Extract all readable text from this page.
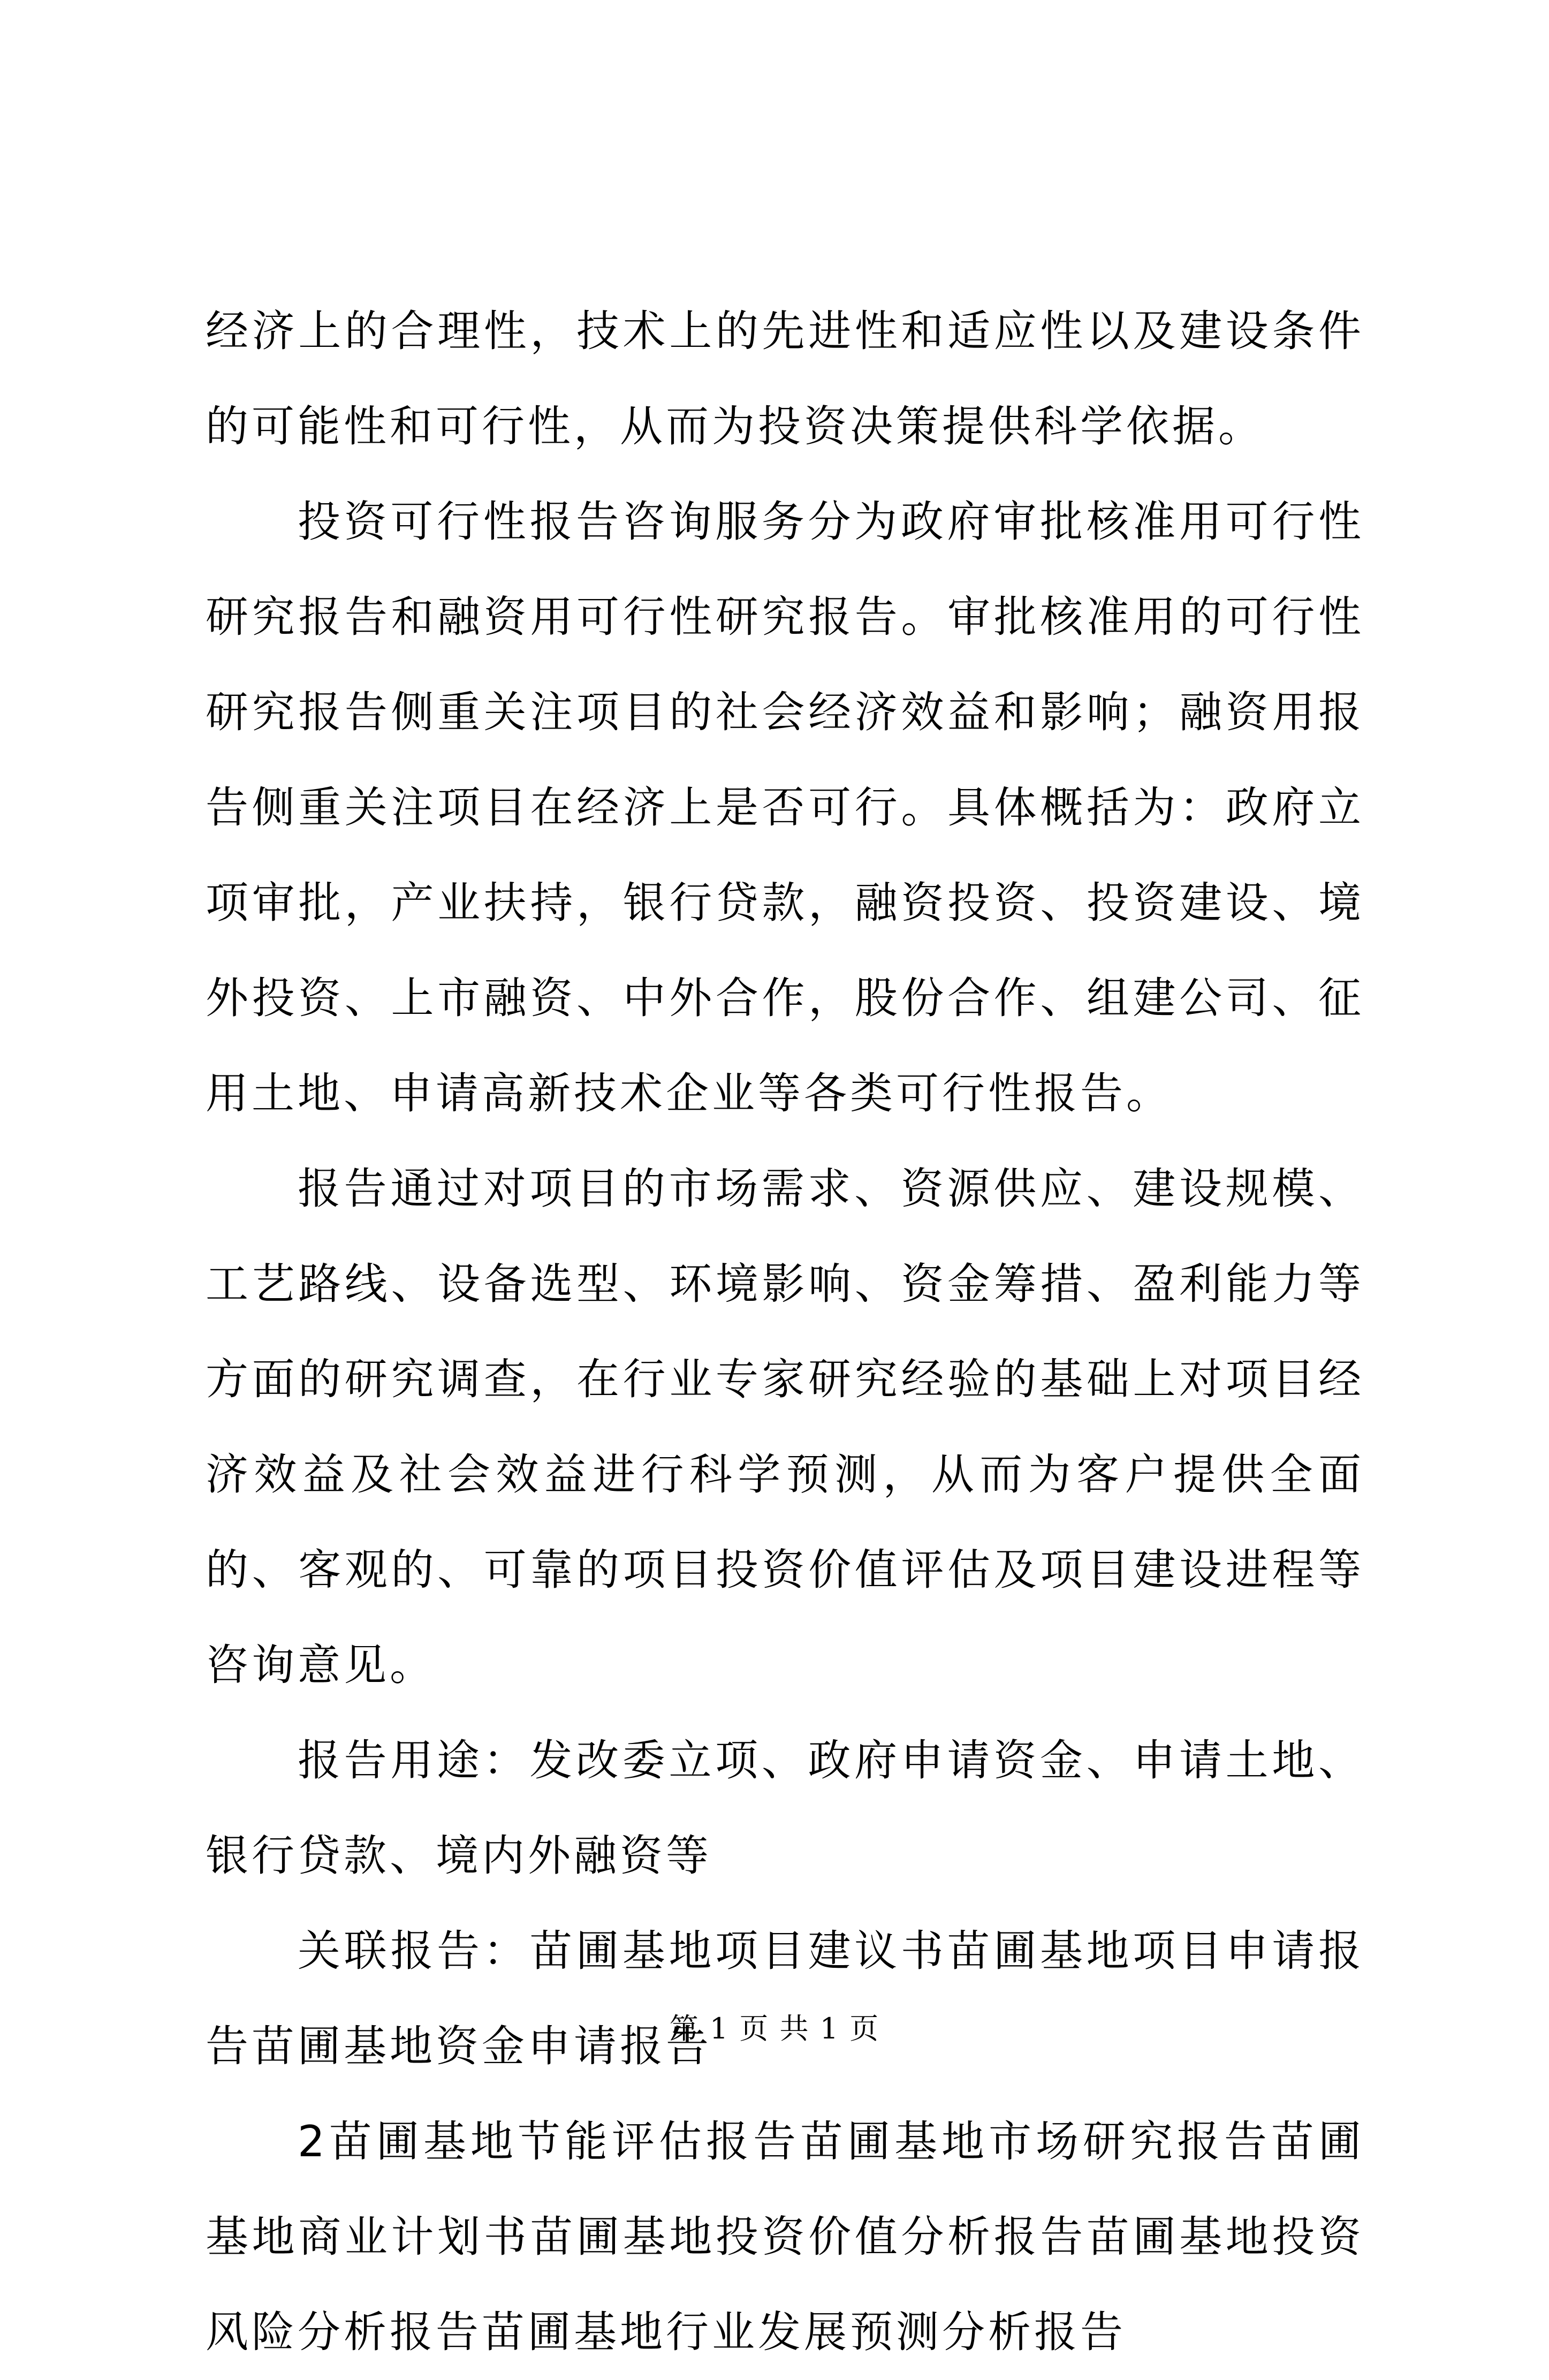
经济上的合理性，技术上的先进性和适应性以及建设条件的可能性和可行性，从而为投资决策提供科学依据。

投资可行性报告咨询服务分为政府审批核准用可行性研究报告和融资用可行性研究报告。审批核准用的可行性研究报告侧重关注项目的社会经济效益和影响；融资用报告侧重关注项目在经济上是否可行。具体概括为：政府立项审批，产业扶持，银行贷款，融资投资、投资建设、境外投资、上市融资、中外合作，股份合作、组建公司、征用土地、申请高新技术企业等各类可行性报告。

报告通过对项目的市场需求、资源供应、建设规模、工艺路线、设备选型、环境影响、资金筹措、盈利能力等方面的研究调查，在行业专家研究经验的基础上对项目经济效益及社会效益进行科学预测，从而为客户提供全面的、客观的、可靠的项目投资价值评估及项目建设进程等咨询意见。

报告用途：发改委立项、政府申请资金、申请土地、银行贷款、境内外融资等

关联报告：苗圃基地项目建议书苗圃基地项目申请报告苗圃基地资金申请报告

2苗圃基地节能评估报告苗圃基地市场研究报告苗圃基地商业计划书苗圃基地投资价值分析报告苗圃基地投资风险分析报告苗圃基地行业发展预测分析报告

第 1 页 共 1 页
